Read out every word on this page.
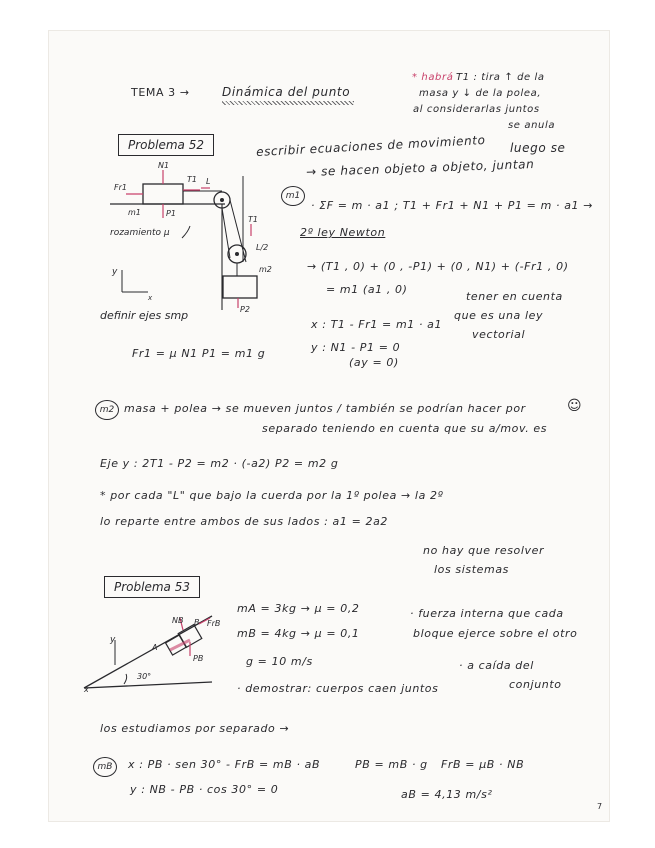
TEMA 3 →	Dinámica del punto
* habrá T1 : tira ↑ de la
masa y ↓ de la polea,
al considerarlas juntos
se anula
Problema 52	escribir ecuaciones de movimiento luego se
→ se hacen objeto a objeto, juntan
N1
T1
Fr1
m1	P1
L
T1
L/2
m2
P2
rozamiento μ
y
x
definir ejes smp
m1
· ΣF = m · a1 ; T1 + Fr1 + N1 + P1 = m · a1 →
2º ley Newton
→ (T1 , 0) + (0 , -P1) + (0 , N1) + (-Fr1 , 0)
= m1 (a1 , 0)
tener en cuenta
que es una ley
vectorial
x : T1 - Fr1 = m1 · a1
y : N1 - P1 = 0
(ay = 0)
Fr1 = μ N1 P1 = m1 g
m2 masa + polea → se mueven juntos / también se podrían hacer por
separado teniendo en cuenta que su a/mov. es
☺
Eje y : 2T1 - P2 = m2 · (-a2) P2 = m2 g
* por cada "L" que bajo la cuerda por la 1º polea → la 2º
lo reparte entre ambos de sus lados : a1 = 2a2
no hay que resolver
los sistemas
Problema 53
mA = 3kg → μ = 0,2
mB = 4kg → μ = 0,1
g = 10 m/s
· demostrar: cuerpos caen juntos
· fuerza interna que cada
bloque ejerce sobre el otro
· a caída del
conjunto
NB B FrB
A
PB
30°
y
x
los estudiamos por separado →
mB	x : PB · sen 30° - FrB = mB · aB
y : NB - PB · cos 30° = 0
PB = mB · g FrB = μB · NB
aB = 4,13 m/s²
7
